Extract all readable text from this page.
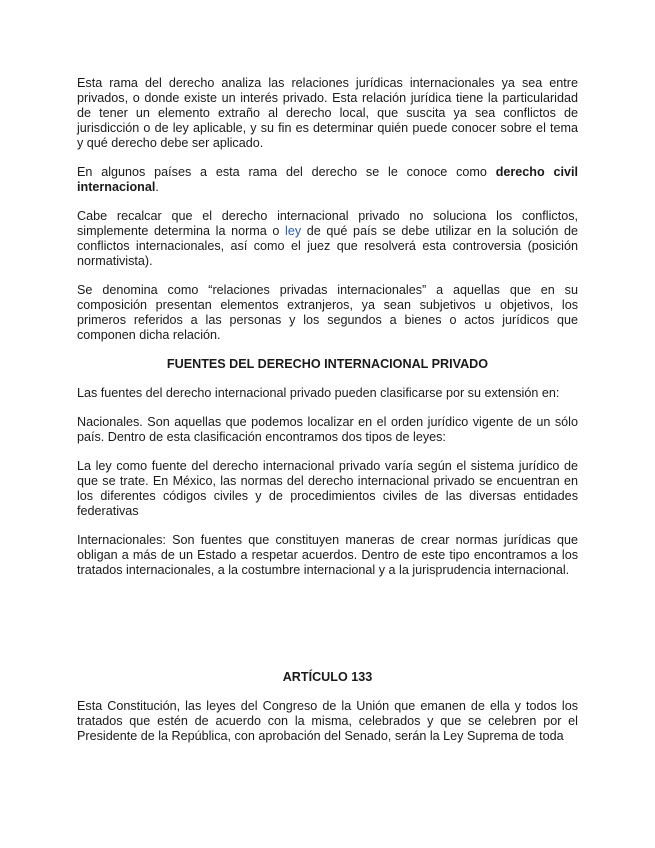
Esta rama del derecho analiza las relaciones jurídicas internacionales ya sea entre privados, o donde existe un interés privado. Esta relación jurídica tiene la particularidad de tener un elemento extraño al derecho local, que suscita ya sea conflictos de jurisdicción o de ley aplicable, y su fin es determinar quién puede conocer sobre el tema y qué derecho debe ser aplicado.

En algunos países a esta rama del derecho se le conoce como derecho civil internacional.

Cabe recalcar que el derecho internacional privado no soluciona los conflictos, simplemente determina la norma o ley de qué país se debe utilizar en la solución de conflictos internacionales, así como el juez que resolverá esta controversia (posición normativista).

Se denomina como “relaciones privadas internacionales” a aquellas que en su composición presentan elementos extranjeros, ya sean subjetivos u objetivos, los primeros referidos a las personas y los segundos a bienes o actos jurídicos que componen dicha relación.

FUENTES DEL DERECHO INTERNACIONAL PRIVADO

Las fuentes del derecho internacional privado pueden clasificarse por su extensión en:

Nacionales. Son aquellas que podemos localizar en el orden jurídico vigente de un sólo país. Dentro de esta clasificación encontramos dos tipos de leyes:

La ley como fuente del derecho internacional privado varía según el sistema jurídico de que se trate. En México, las normas del derecho internacional privado se encuentran en los diferentes códigos civiles y de procedimientos civiles de las diversas entidades federativas

Internacionales: Son fuentes que constituyen maneras de crear normas jurídicas que obligan a más de un Estado a respetar acuerdos. Dentro de este tipo encontramos a los tratados internacionales, a la costumbre internacional y a la jurisprudencia internacional.

ARTÍCULO 133

Esta Constitución, las leyes del Congreso de la Unión que emanen de ella y todos los tratados que estén de acuerdo con la misma, celebrados y que se celebren por el Presidente de la República, con aprobación del Senado, serán la Ley Suprema de toda
